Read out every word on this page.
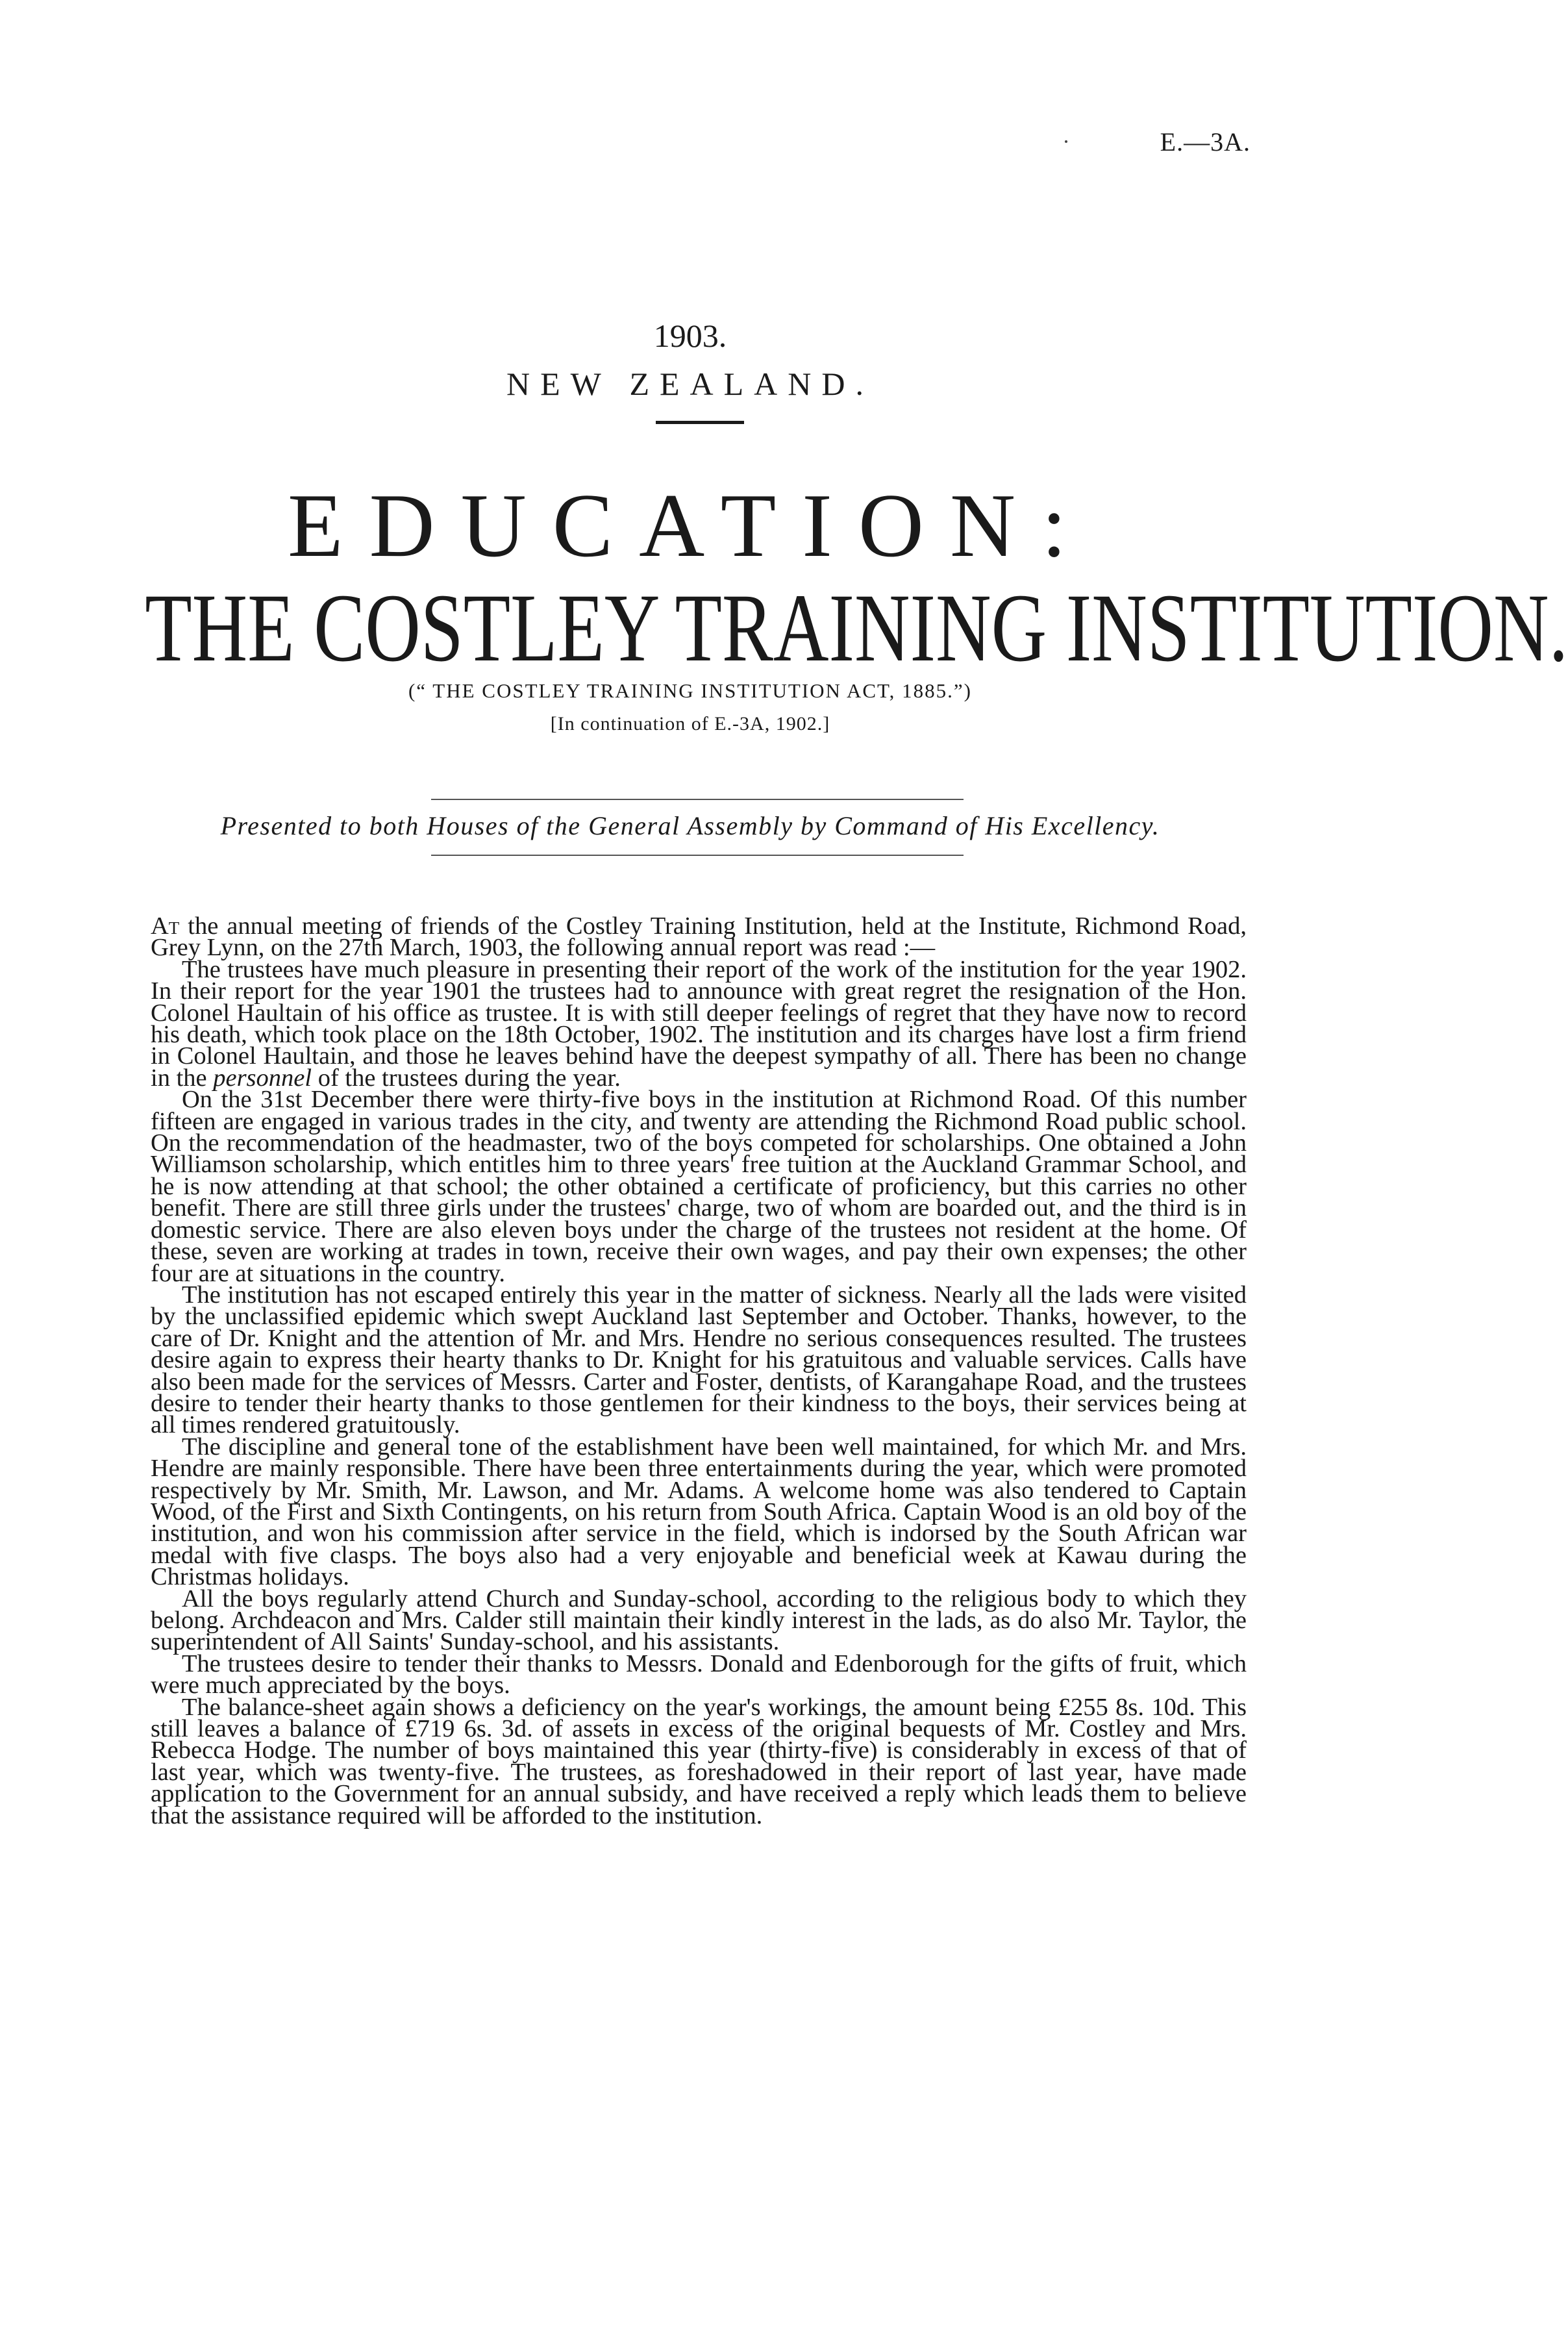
E.—3A.
1903.
NEW ZEALAND.
EDUCATION:
THE COSTLEY TRAINING INSTITUTION.
(“ THE COSTLEY TRAINING INSTITUTION ACT, 1885.”)
[In continuation of E.-3A, 1902.]
Presented to both Houses of the General Assembly by Command of His Excellency.

At the annual meeting of friends of the Costley Training Institution, held at the Institute, Richmond Road, Grey Lynn, on the 27th March, 1903, the following annual report was read :—

The trustees have much pleasure in presenting their report of the work of the institution for the year 1902. In their report for the year 1901 the trustees had to announce with great regret the resignation of the Hon. Colonel Haultain of his office as trustee. It is with still deeper feelings of regret that they have now to record his death, which took place on the 18th October, 1902. The institution and its charges have lost a firm friend in Colonel Haultain, and those he leaves behind have the deepest sympathy of all. There has been no change in the personnel of the trustees during the year.

On the 31st December there were thirty-five boys in the institution at Richmond Road. Of this number fifteen are engaged in various trades in the city, and twenty are attending the Richmond Road public school. On the recommendation of the headmaster, two of the boys competed for scholarships. One obtained a John Williamson scholarship, which entitles him to three years' free tuition at the Auckland Grammar School, and he is now attending at that school; the other obtained a certificate of proficiency, but this carries no other benefit. There are still three girls under the trustees' charge, two of whom are boarded out, and the third is in domestic service. There are also eleven boys under the charge of the trustees not resident at the home. Of these, seven are working at trades in town, receive their own wages, and pay their own expenses; the other four are at situations in the country.

The institution has not escaped entirely this year in the matter of sickness. Nearly all the lads were visited by the unclassified epidemic which swept Auckland last September and October. Thanks, however, to the care of Dr. Knight and the attention of Mr. and Mrs. Hendre no serious consequences resulted. The trustees desire again to express their hearty thanks to Dr. Knight for his gratuitous and valuable services. Calls have also been made for the services of Messrs. Carter and Foster, dentists, of Karangahape Road, and the trustees desire to tender their hearty thanks to those gentlemen for their kindness to the boys, their services being at all times rendered gratuitously.

The discipline and general tone of the establishment have been well maintained, for which Mr. and Mrs. Hendre are mainly responsible. There have been three entertainments during the year, which were promoted respectively by Mr. Smith, Mr. Lawson, and Mr. Adams. A welcome home was also tendered to Captain Wood, of the First and Sixth Contingents, on his return from South Africa. Captain Wood is an old boy of the institution, and won his commission after service in the field, which is indorsed by the South African war medal with five clasps. The boys also had a very enjoyable and beneficial week at Kawau during the Christmas holidays.

All the boys regularly attend Church and Sunday-school, according to the religious body to which they belong. Archdeacon and Mrs. Calder still maintain their kindly interest in the lads, as do also Mr. Taylor, the superintendent of All Saints' Sunday-school, and his assistants.

The trustees desire to tender their thanks to Messrs. Donald and Edenborough for the gifts of fruit, which were much appreciated by the boys.

The balance-sheet again shows a deficiency on the year's workings, the amount being £255 8s. 10d. This still leaves a balance of £719 6s. 3d. of assets in excess of the original bequests of Mr. Costley and Mrs. Rebecca Hodge. The number of boys maintained this year (thirty-five) is considerably in excess of that of last year, which was twenty-five. The trustees, as foreshadowed in their report of last year, have made application to the Government for an annual subsidy, and have received a reply which leads them to believe that the assistance required will be afforded to the institution.
